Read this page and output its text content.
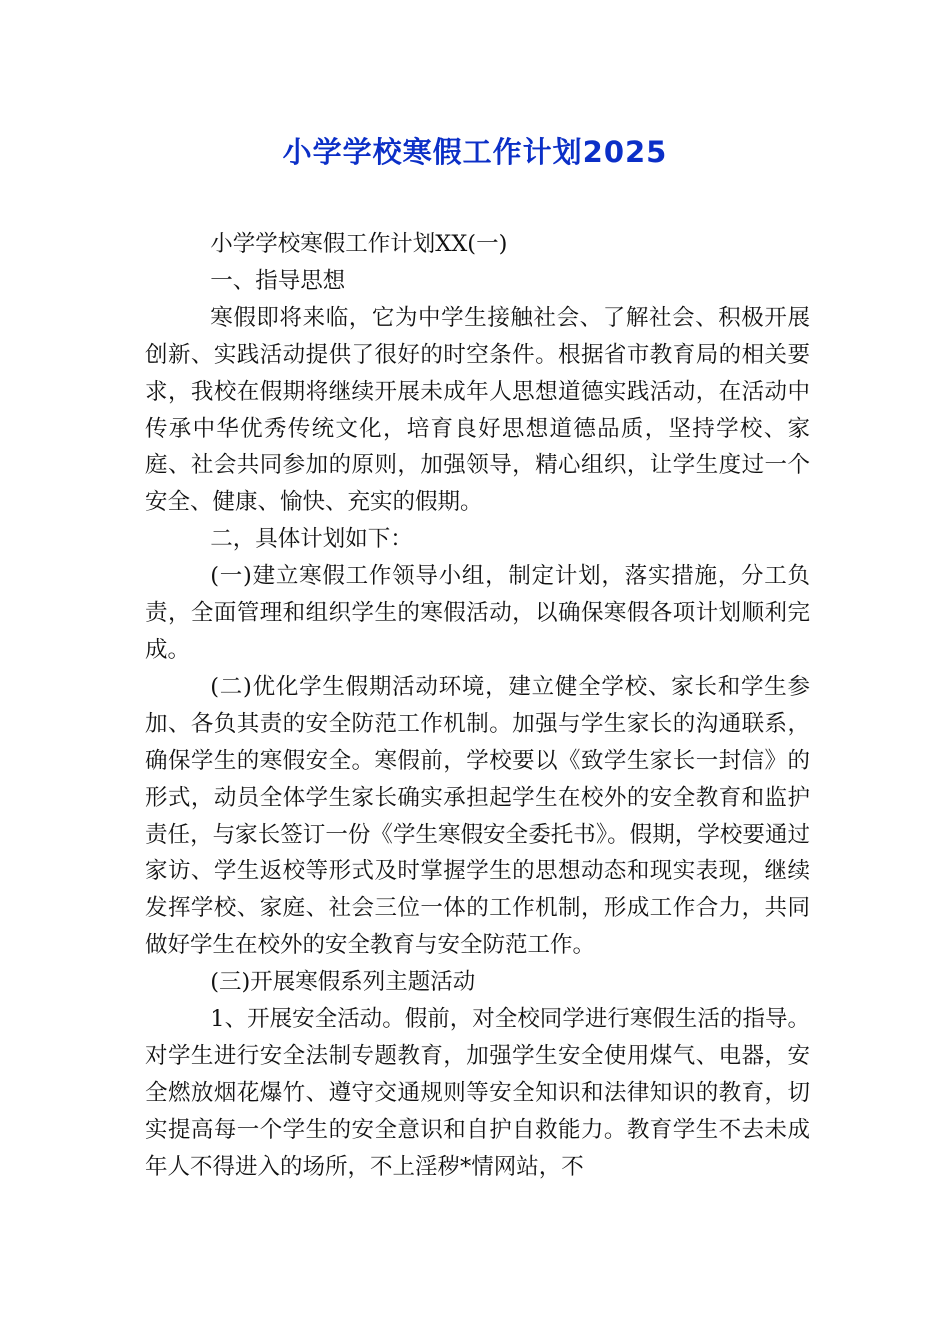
小学学校寒假工作计划2025

小学学校寒假工作计划XX(一)

一、指导思想

寒假即将来临，它为中学生接触社会、了解社会、积极开展创新、实践活动提供了很好的时空条件。根据省市教育局的相关要求，我校在假期将继续开展未成年人思想道德实践活动，在活动中传承中华优秀传统文化，培育良好思想道德品质，坚持学校、家庭、社会共同参加的原则，加强领导，精心组织，让学生度过一个安全、健康、愉快、充实的假期。

二，具体计划如下：

(一)建立寒假工作领导小组，制定计划，落实措施，分工负责，全面管理和组织学生的寒假活动，以确保寒假各项计划顺利完成。

(二)优化学生假期活动环境，建立健全学校、家长和学生参加、各负其责的安全防范工作机制。加强与学生家长的沟通联系，确保学生的寒假安全。寒假前，学校要以《致学生家长一封信》的形式，动员全体学生家长确实承担起学生在校外的安全教育和监护责任，与家长签订一份《学生寒假安全委托书》。假期，学校要通过家访、学生返校等形式及时掌握学生的思想动态和现实表现，继续发挥学校、家庭、社会三位一体的工作机制，形成工作合力，共同做好学生在校外的安全教育与安全防范工作。

(三)开展寒假系列主题活动

1、开展安全活动。假前，对全校同学进行寒假生活的指导。对学生进行安全法制专题教育，加强学生安全使用煤气、电器，安全燃放烟花爆竹、遵守交通规则等安全知识和法律知识的教育，切实提高每一个学生的安全意识和自护自救能力。教育学生不去未成年人不得进入的场所，不上淫秽*情网站，不
